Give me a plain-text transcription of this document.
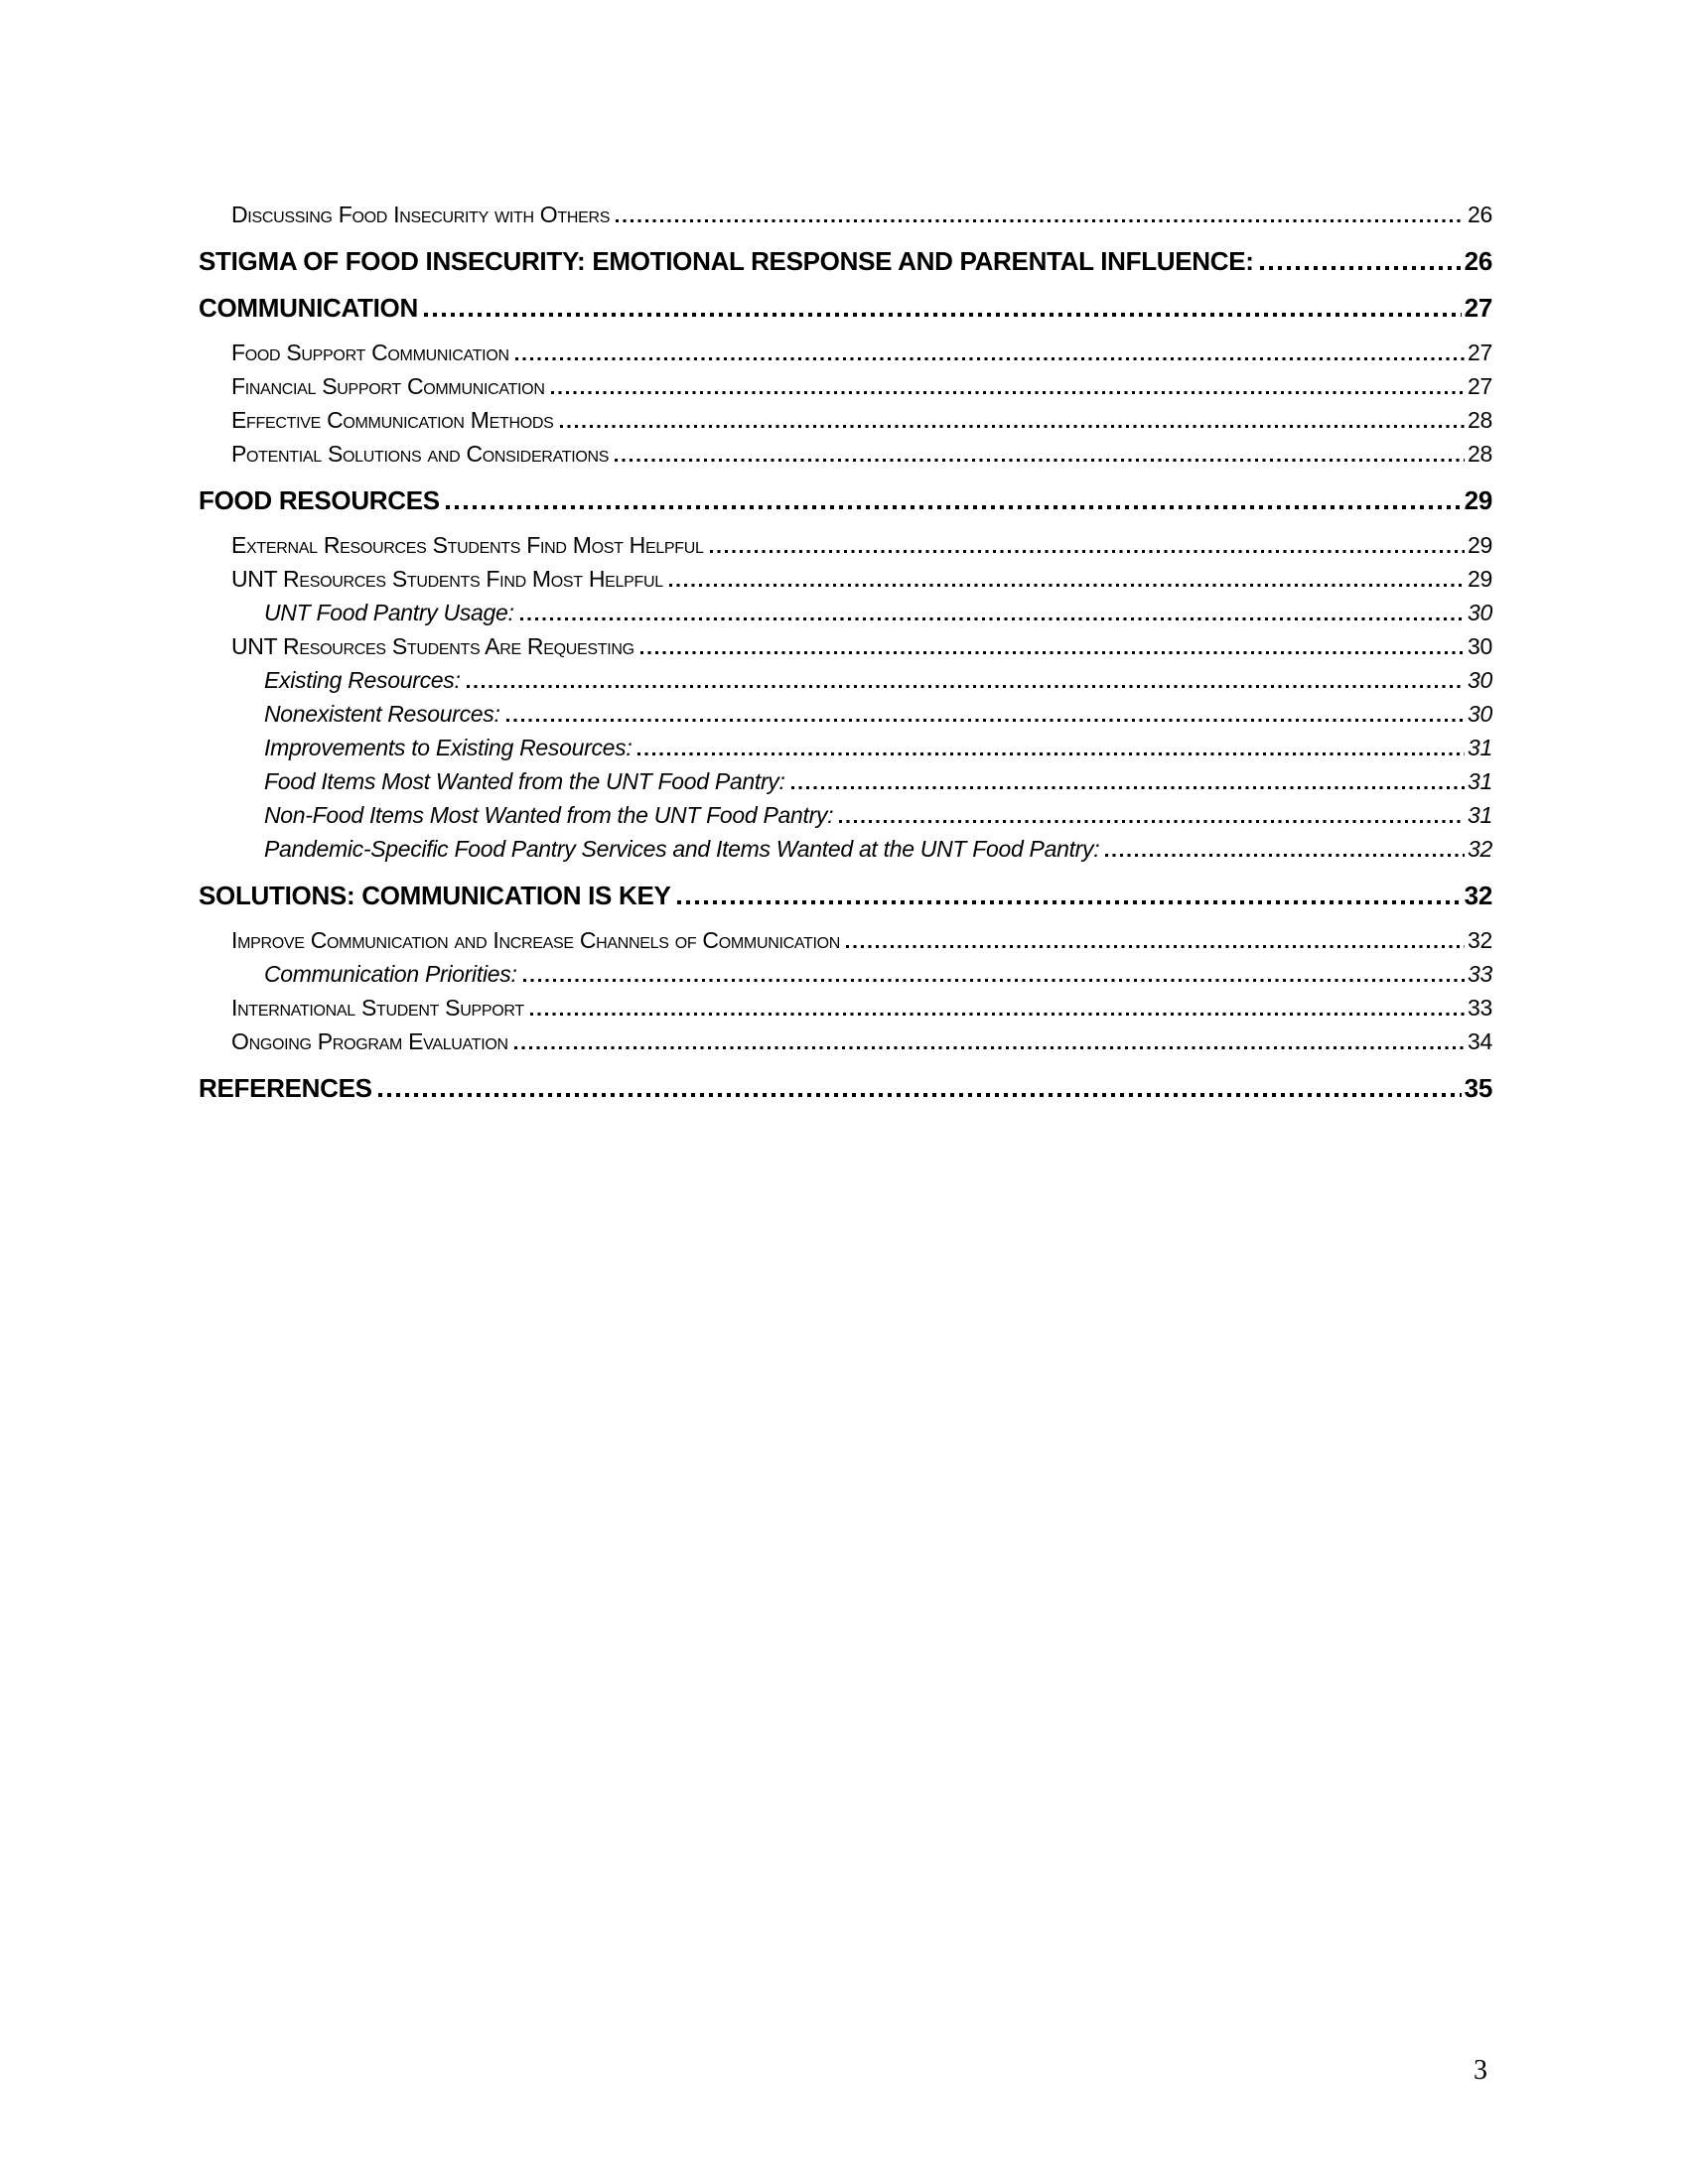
Discussing Food Insecurity with Others	26
STIGMA OF FOOD INSECURITY: EMOTIONAL RESPONSE AND PARENTAL INFLUENCE:	26
COMMUNICATION	27
Food Support Communication	27
Financial Support Communication	27
Effective Communication Methods	28
Potential Solutions and Considerations	28
FOOD RESOURCES	29
External Resources Students Find Most Helpful	29
UNT Resources Students Find Most Helpful	29
UNT Food Pantry Usage:	30
UNT Resources Students Are Requesting	30
Existing Resources:	30
Nonexistent Resources:	30
Improvements to Existing Resources:	31
Food Items Most Wanted from the UNT Food Pantry:	31
Non-Food Items Most Wanted from the UNT Food Pantry:	31
Pandemic-Specific Food Pantry Services and Items Wanted at the UNT Food Pantry:	32
SOLUTIONS: COMMUNICATION IS KEY	32
Improve Communication and Increase Channels of Communication	32
Communication Priorities:	33
International Student Support	33
Ongoing Program Evaluation	34
REFERENCES	35
3
